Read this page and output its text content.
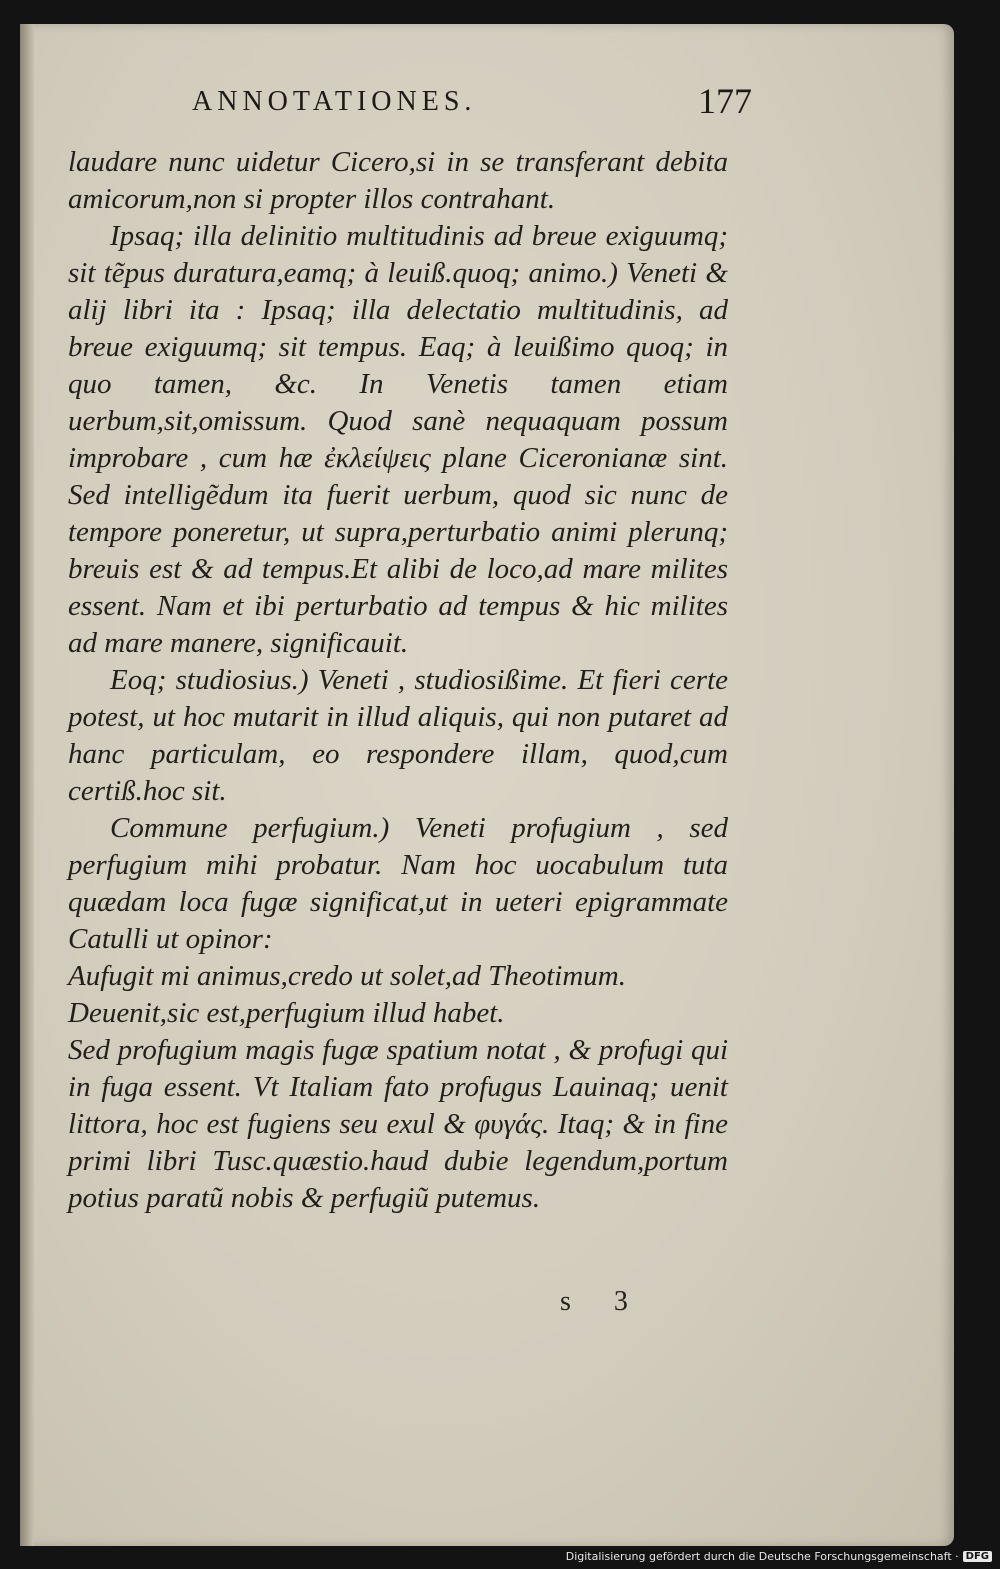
ANNOTATIONES.	177

laudare nunc uidetur Cicero,si in se transferant debita amicorum,non si propter illos contrahant.

Ipsaq; illa delinitio multitudinis ad breue exiguumq; sit tẽpus duratura,eamq; à leuiß.quoq; animo.) Veneti & alij libri ita : Ipsaq; illa delectatio multitudinis, ad breue exiguumq; sit tempus. Eaq; à leuißimo quoq; in quo tamen, &c. In Venetis tamen etiam uerbum,sit,omissum. Quod sanè nequaquam possum improbare , cum hæ ἐκλείψεις plane Ciceronianæ sint. Sed intelligẽdum ita fuerit uerbum, quod sic nunc de tempore poneretur, ut supra,perturbatio animi plerunq; breuis est & ad tempus.Et alibi de loco,ad mare milites essent. Nam et ibi perturbatio ad tempus & hic milites ad mare manere, significauit.

Eoq; studiosius.) Veneti , studiosißime. Et fieri certe potest, ut hoc mutarit in illud aliquis, qui non putaret ad hanc particulam, eo respondere illam, quod,cum certiß.hoc sit.

Commune perfugium.) Veneti profugium , sed perfugium mihi probatur. Nam hoc uocabulum tuta quædam loca fugæ significat,ut in ueteri epigrammate Catulli ut opinor:

Aufugit mi animus,credo ut solet,ad Theotimum.

Deuenit,sic est,perfugium illud habet.

Sed profugium magis fugæ spatium notat , & profugi qui in fuga essent. Vt Italiam fato profugus Lauinaq; uenit littora, hoc est fugiens seu exul & φυγάς. Itaq; & in fine primi libri Tusc.quæstio.haud dubie legendum,portum potius paratũ nobis & perfugiũ putemus.

s 3
Digitalisierung gefördert durch die Deutsche Forschungsgemeinschaft · DFG
